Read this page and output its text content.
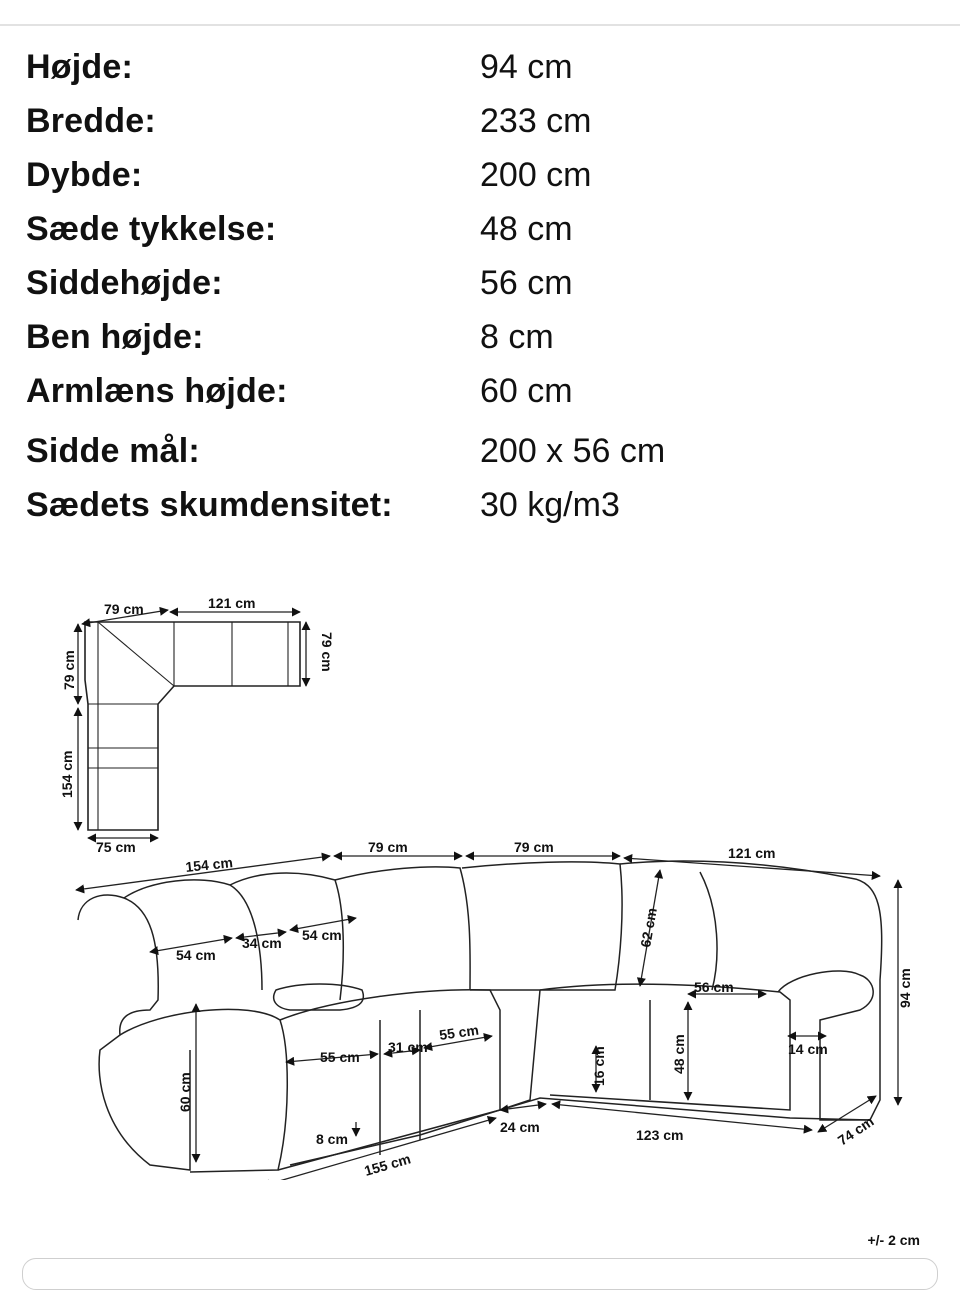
Højde:	94 cm
Bredde:	233 cm
Dybde:	200 cm
Sæde tykkelse:	48 cm
Siddehøjde:	56 cm
Ben højde:	8 cm
Armlæns højde:	60 cm
Sidde mål:	200 x 56 cm
Sædets skumdensitet:	30 kg/m3
79 cm	121 cm
79 cm
79 cm
154 cm
75 cm
154 cm
79 cm	79 cm	121 cm
54 cm
34 cm 54 cm	62 cm
56 cm	94 cm
14 cm
48 cm
16 cm
55 cm
31 cm
55 cm
60 cm
8 cm
155 cm
24 cm	123 cm	74 cm
+/- 2 cm
